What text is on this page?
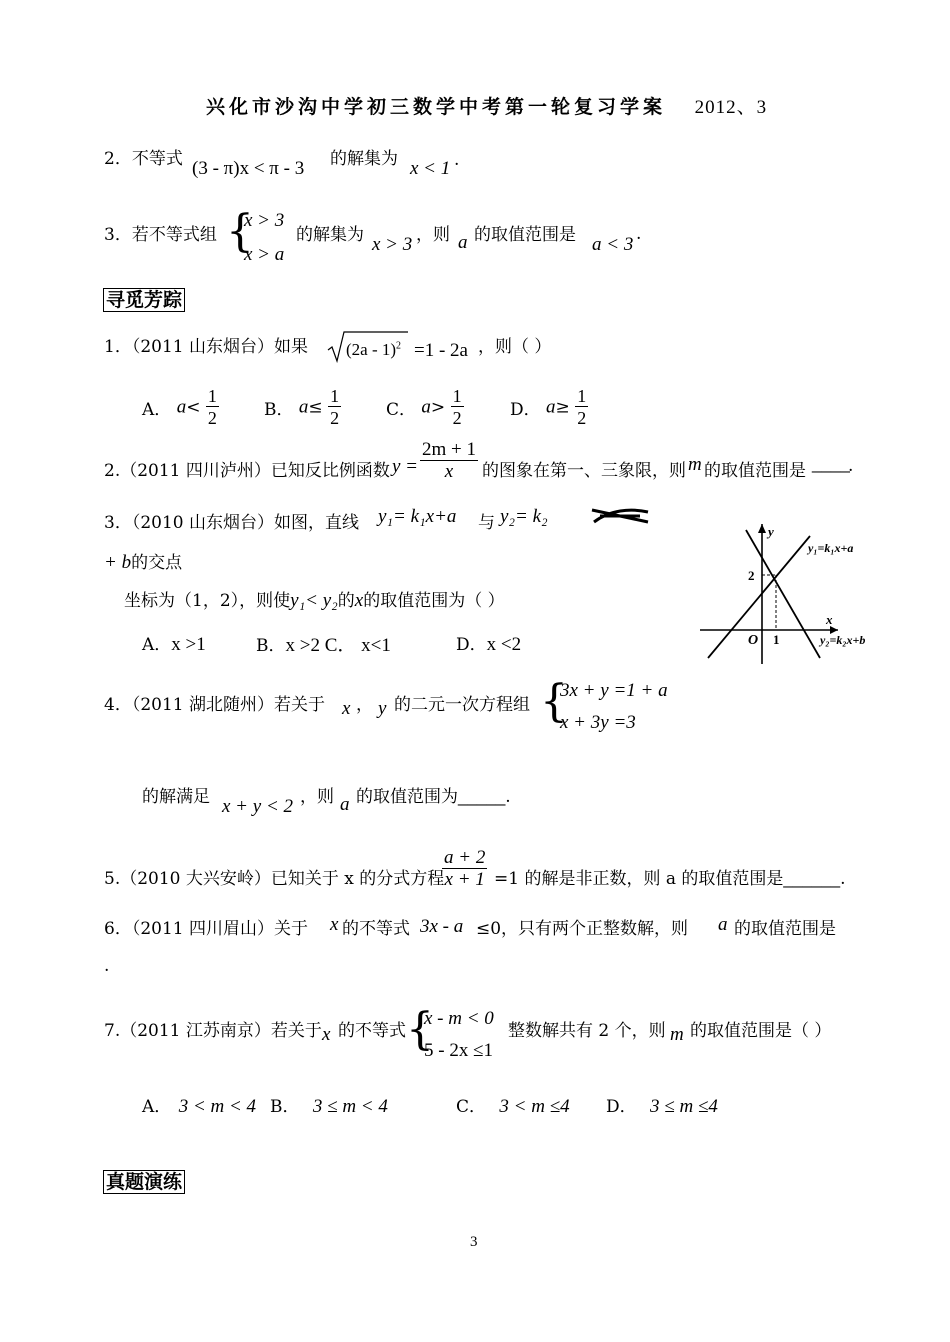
兴化市沙沟中学初三数学中考第一轮复习学案 2012、3
2．不等式 (3 - π)x < π - 3 的解集为 x < 1 .
3．若不等式组 {
x > 3
x > a
的解集为 x > 3 ，则 a 的取值范围是 a < 3 .
寻觅芳踪
1．（2011 山东烟台）如果 (2a - 1)$^2$ =1 - 2a ，则（ ）
A． $a< \frac{1}{2}$	B． $a\le \frac{1}{2}$	C． $a> \frac{1}{2}$	D． $a\ge \frac{1}{2}$
2.（2011 四川泸州）已知反比例函数 $y = \frac{2m + 1}{x}$ 的图象在第一、三象限，则 m 的取值范围是 ____
.
3．（2010 山东烟台）如图，直线 y₁= k₁x+a 与 y₂= k₂
+ b的交点
坐标为（1，2），则使y₁< y₂的x的取值范围为（ ）
A．x >1	B．x >2 C． x<1	D．x <2
y
x
O 1
2
y₁=k₁x+a
y₂=k₂x+b
4．（2011 湖北随州）若关于 x ， y 的二元一次方程组 {
3x + y =1 + a
x + 3y =3
的解满足 x + y < 2 ，则 a 的取值范围为_____.
5.（2010 大兴安岭）已知关于 x 的分式方程
$\frac{a + 2}{x + 1} =1$ 的解是非正数，则 a 的取值范围是______.
6．（2011 四川眉山）关于 x 的不等式 3x - a ≤0，只有两个正整数解，则 a 的取值范围是
.
7.（2011 江苏南京）若关于 x 的不等式 {
x - m < 0
5 - 2x ≤1
整数解共有 2 个，则 m 的取值范围是（ ）
A． 3 < m < 4 B． 3 ≤ m < 4	C． 3 < m ≤4 D． 3 ≤ m ≤4
真题演练
3
